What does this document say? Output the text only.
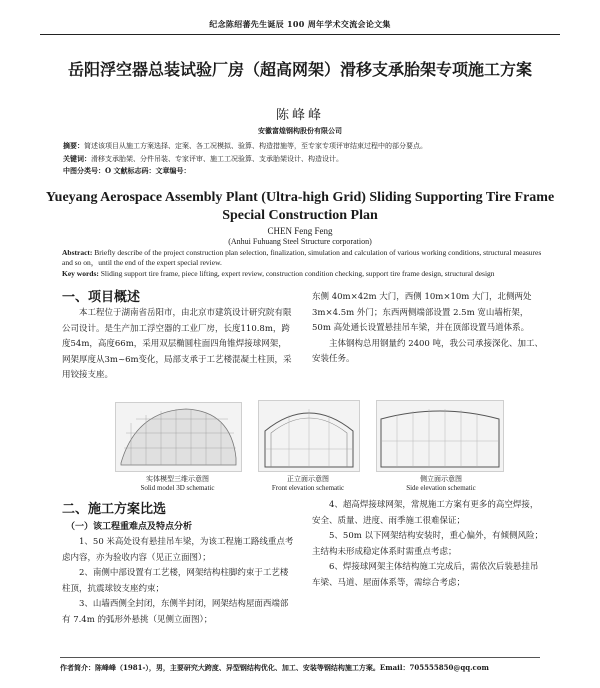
纪念陈绍蕃先生诞辰 100 周年学术交流会论文集
岳阳浮空器总装试验厂房（超高网架）滑移支承胎架专项施工方案
陈峰峰
安徽富煌钢构股份有限公司
摘要：简述该项目从施工方案选择、定案、各工况模拟、验算、构造措施等，至专家专项评审结束过程中的部分要点。
关键词：滑移支承胎架、分件吊装、专家评审、施工工况验算、支承胎架设计、构造设计。
中图分类号：O 文献标志码：文章编号：
Yueyang Aerospace Assembly Plant (Ultra-high Grid) Sliding Supporting Tire Frame Special Construction Plan
CHEN Feng Feng
(Anhui Fuhuang Steel Structure corporation)
Abstract: Briefly describe of the project construction plan selection, finalization, simulation and calculation of various working conditions, structural measures and so on，until the end of the expert special review.
Key words: Sliding support tire frame, piece lifting, expert review, construction condition checking, support tire frame design, structural design
一、项目概述

本工程位于湖南省岳阳市，由北京市建筑设计研究院有限公司设计。是生产加工浮空器的工业厂房，长度110.8m，跨度54m，高度66m，采用双层椭圆柱面四角锥焊接球网架，网架厚度从3m~6m变化，局部支承于工艺楼混凝土柱顶，采用铰接支座。

东侧 40m×42m 大门，西侧 10m×10m 大门，北侧两处 3m×4.5m 外门；东西两侧端部设置 2.5m 宽山墙桁架，50m 高处通长设置悬挂吊车梁，并在顶部设置马道体系。

主体钢构总用钢量约 2400 吨，我公司承接深化、加工、安装任务。

实体模型三维示意图
Solid model 3D schematic
正立面示意图
Front elevation schematic
侧立面示意图
Side elevation schematic
二、施工方案比选
（一）该工程重难点及特点分析

1、50 米高处设有悬挂吊车梁，为该工程施工路线重点考虑内容，亦为验收内容（见正立面图）；

2、南侧中部设置有工艺楼，网架结构柱脚约束于工艺楼柱顶，抗震球铰支座约束；

3、山墙西侧全封闭，东侧半封闭，网架结构屋面西端部有 7.4m 的弧形外悬挑（见侧立面图）；

4、超高焊接球网架，常规施工方案有更多的高空焊接，安全、质量、进度、雨季施工很难保证；

5、50m 以下网架结构安装时，重心偏外，有倾侧风险；主结构未形成稳定体系时需重点考虑；

6、焊接球网架主体结构施工完成后，需依次后装悬挂吊车梁、马道、屋面体系等，需综合考虑；

作者简介：陈峰峰（1981-），男，主要研究大跨度、异型钢结构优化、加工、安装等钢结构施工方案。Email：705555850@qq.com
